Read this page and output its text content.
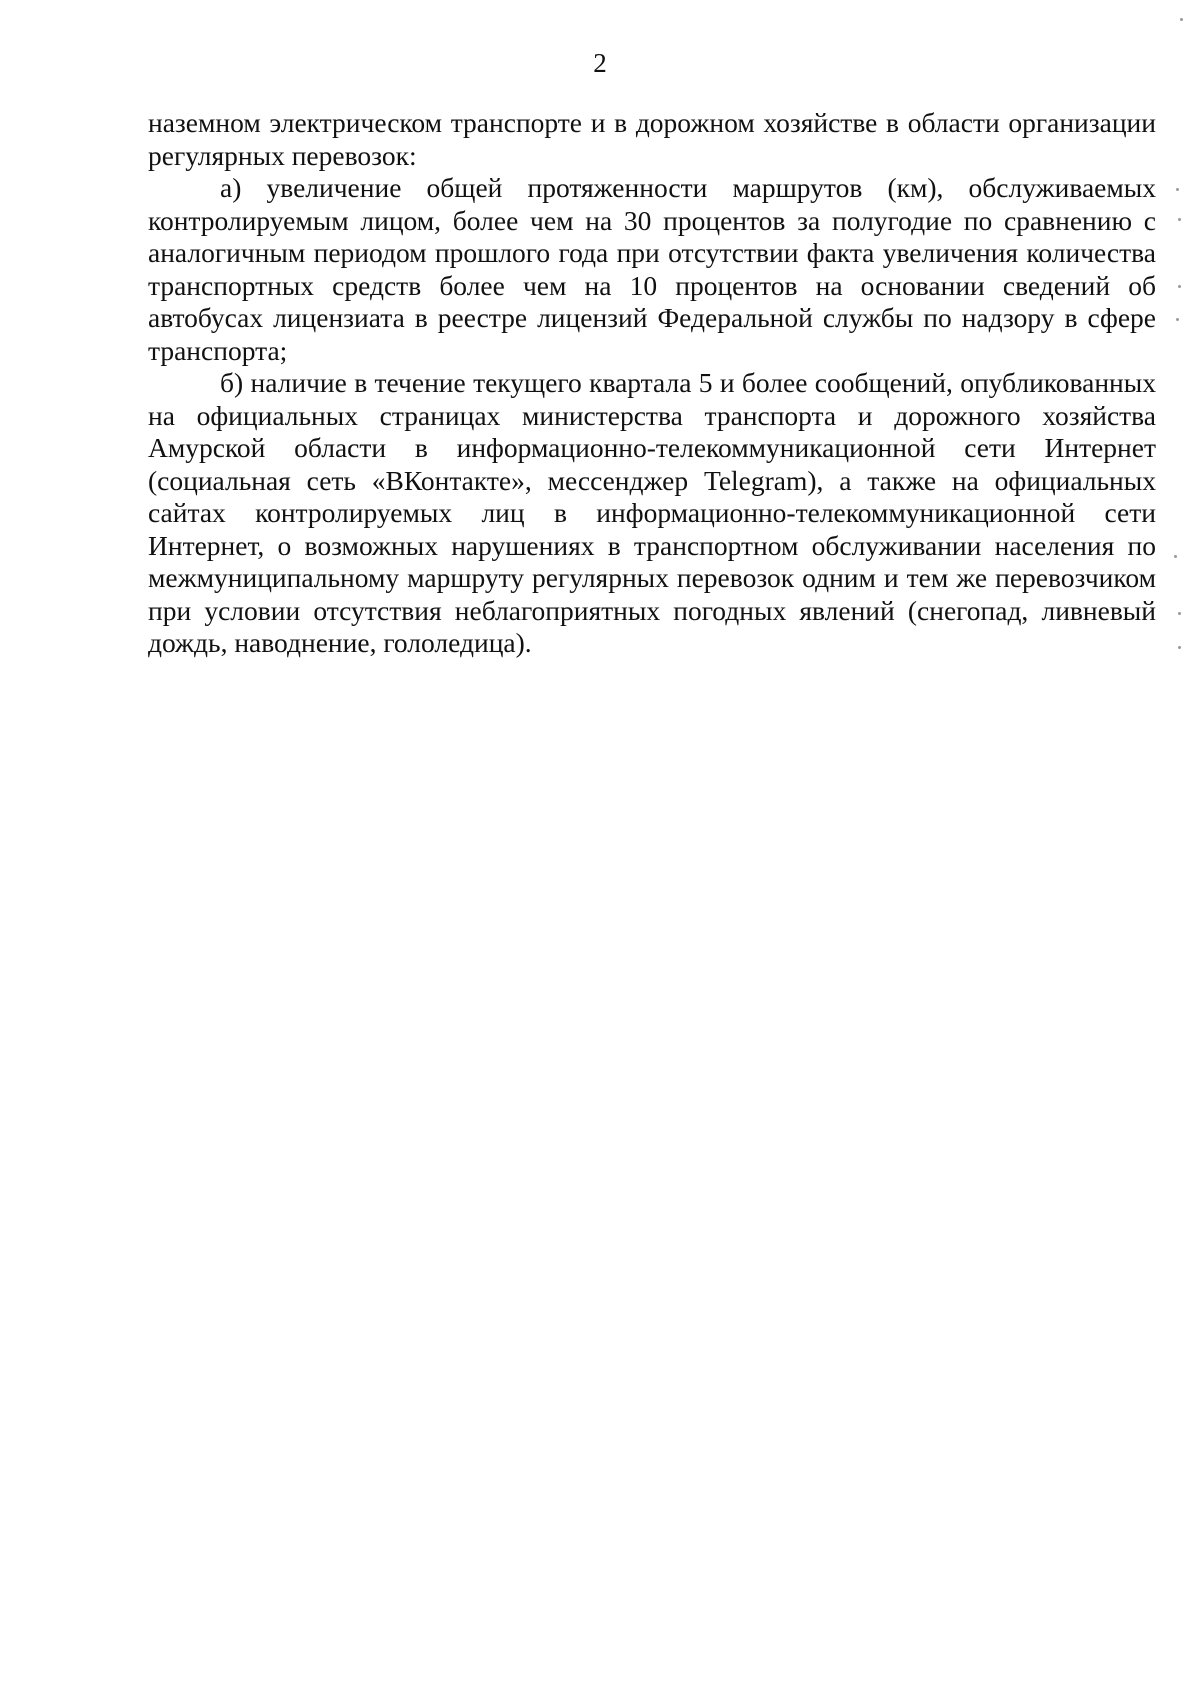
2

наземном электрическом транспорте и в дорожном хозяйстве в области организации регулярных перевозок:

а) увеличение общей протяженности маршрутов (км), обслуживаемых контролируемым лицом, более чем на 30 процентов за полугодие по сравнению с аналогичным периодом прошлого года при отсутствии факта увеличения количества транспортных средств более чем на 10 процентов на основании сведений об автобусах лицензиата в реестре лицензий Федеральной службы по надзору в сфере транспорта;

б) наличие в течение текущего квартала 5 и более сообщений, опубликованных на официальных страницах министерства транспорта и дорожного хозяйства Амурской области в информационно-телекоммуникационной сети Интернет (социальная сеть «ВКонтакте», мессенджер Telegram), а также на официальных сайтах контролируемых лиц в информационно-телекоммуникационной сети Интернет, о возможных нарушениях в транспортном обслуживании населения по межмуниципальному маршруту регулярных перевозок одним и тем же перевозчиком при условии отсутствия неблагоприятных погодных явлений (снегопад, ливневый дождь, наводнение, гололедица).
